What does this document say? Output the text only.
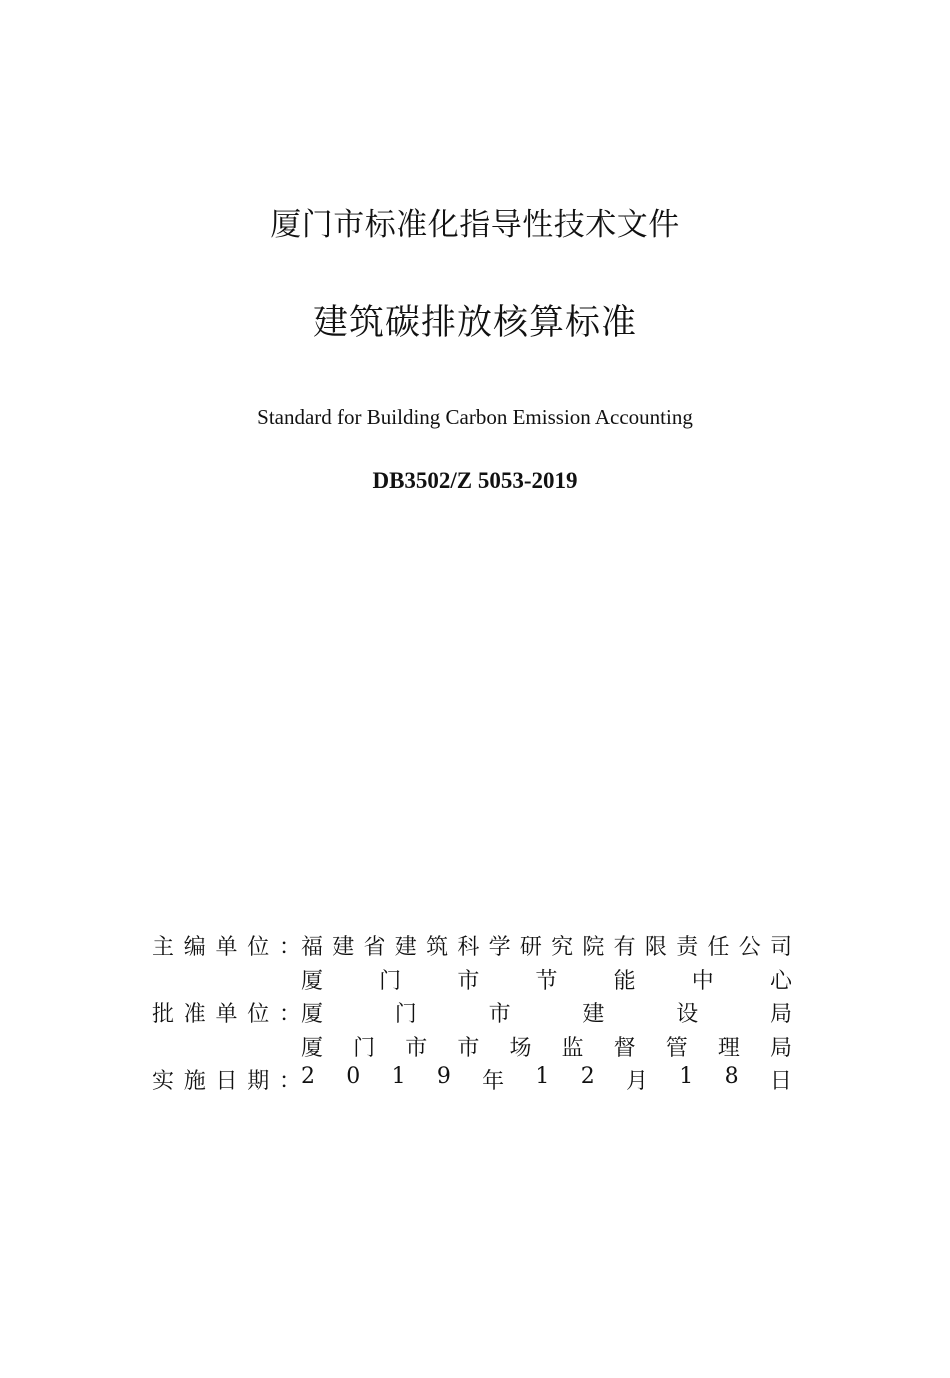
厦门市标准化指导性技术文件
建筑碳排放核算标准
Standard for Building Carbon Emission Accounting
DB3502/Z 5053-2019
主 编 单 位 ： 福 建 省 建 筑 科 学 研 究 院 有 限 责 任 公 司
厦	门	市	节	能	中	心
批 准 单 位 ： 厦	门	市	建	设	局
厦 门 市 市 场 监 督 管 理 局
实 施 日 期 ： 2 0 1 9 年 1 2 月 1 8 日
